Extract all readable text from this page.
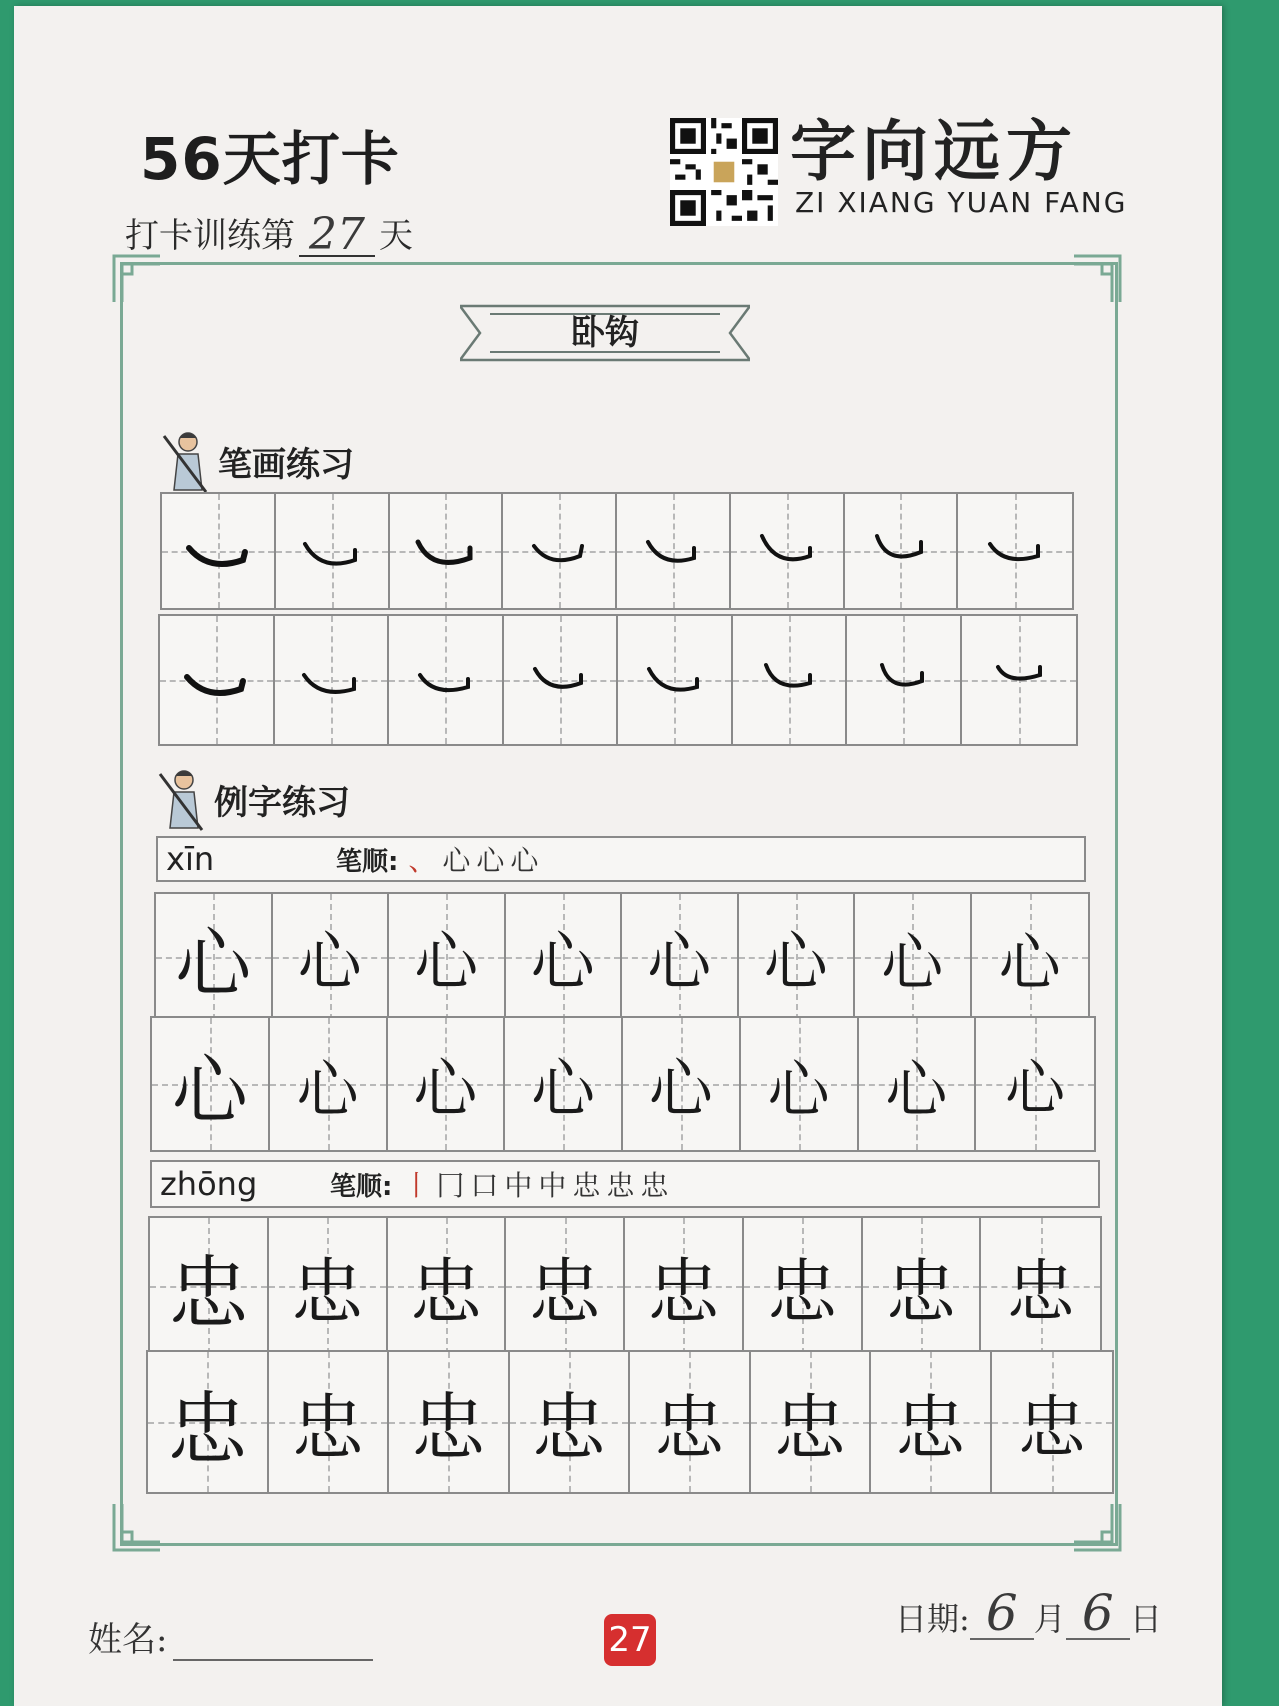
56天打卡
打卡训练第 27 天
字向远方
ZI XIANG YUAN FANG
卧钩
笔画练习
例字练习
xīn	笔顺: 、心心心
心 心 心 心 心 心 心 心
心 心 心 心 心 心 心 心
zhōng	笔顺: 丨冂口中中忠忠忠
忠 忠 忠 忠 忠 忠 忠 忠
忠 忠 忠 忠 忠 忠 忠 忠
姓名:	27
日期: 6 月 6 日
